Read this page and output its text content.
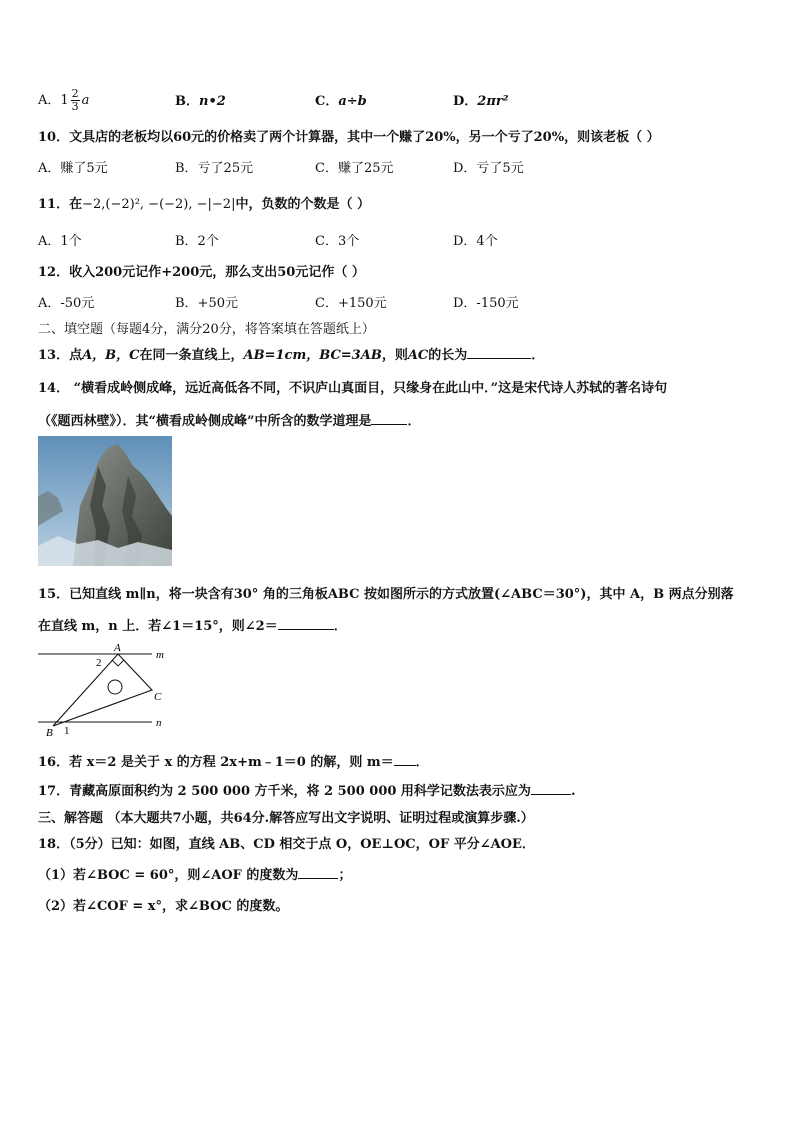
A．$1 \frac{2}{3}$ a	B．n•2	C．a÷b	D．2πr²
10．文具店的老板均以60元的价格卖了两个计算器，其中一个赚了20%，另一个亏了20%，则该老板（ ）
A．赚了5元	B．亏了25元	C．赚了25元	D．亏了5元
11．在−2,(−2)², −(−2), −|−2|中，负数的个数是（ ）
A．1个	B．2个	C．3个	D．4个
12．收入200元记作+200元，那么支出50元记作（ ）
A．-50元	B．+50元	C．+150元	D．-150元
二、填空题（每题4分，满分20分，将答案填在答题纸上）
13．点A，B，C在同一条直线上，AB=1cm，BC=3AB，则AC的长为	．
14． “横看成岭侧成峰，远近高低各不同，不识庐山真面目，只缘身在此山中．”这是宋代诗人苏轼的著名诗句
（《题西林壁》）．其“横看成岭侧成峰”中所含的数学道理是	．
15．已知直线 m∥n，将一块含有30° 角的三角板ABC 按如图所示的方式放置(∠ABC＝30°)，其中 A，B 两点分别落
在直线 m，n 上．若∠1＝15°，则∠2＝	．
A
m
C
n
B 1
2
16．若 x＝2 是关于 x 的方程 2x+m﹣1＝0 的解，则 m＝ ．
17．青藏高原面积约为 2 500 000 方千米，将 2 500 000 用科学记数法表示应为	.
三、解答题 （本大题共7小题，共64分.解答应写出文字说明、证明过程或演算步骤.）
18．（5分）已知：如图，直线 AB、CD 相交于点 O，OE⊥OC，OF 平分∠AOE．
（1）若∠BOC = 60°，则∠AOF 的度数为	；
（2）若∠COF = x°，求∠BOC 的度数。
